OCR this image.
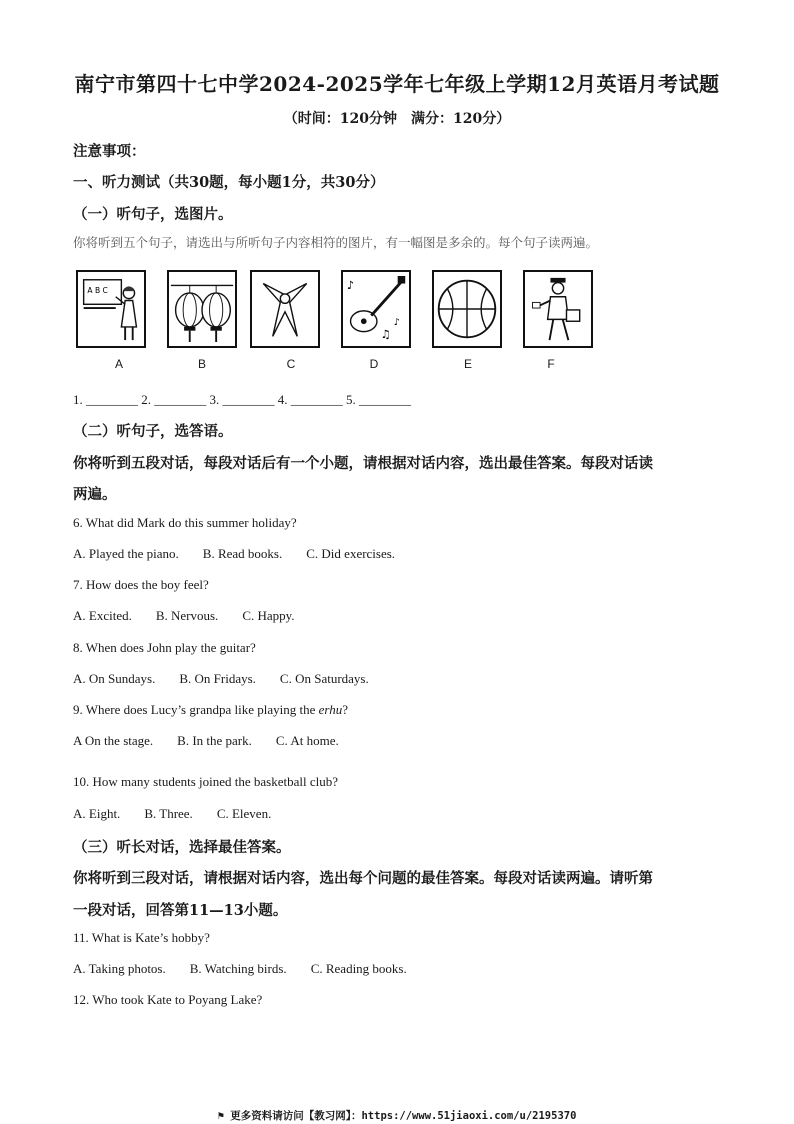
南宁市第四十七中学2024-2025学年七年级上学期12月英语月考试题
（时间：120分钟　满分：120分）
注意事项：
一、听力测试（共30题，每小题1分，共30分）
（一）听句子，选图片。
你将听到五个句子，请选出与所听句子内容相符的图片，有一幅图是多余的。每个句子读两遍。
A B C	♪
♫
♪
A	B	C	D	E	F
1. ________ 2. ________ 3. ________ 4. ________ 5. ________
（二）听句子，选答语。
你将听到五段对话，每段对话后有一个小题，请根据对话内容，选出最佳答案。每段对话读
两遍。
6. What did Mark do this summer holiday?
A. Played the piano. B. Read books. C. Did exercises.
7. How does the boy feel?
A. Excited. B. Nervous. C. Happy.
8. When does John play the guitar?
A. On Sundays. B. On Fridays. C. On Saturdays.
9. Where does Lucy’s grandpa like playing the erhu?
A On the stage. B. In the park. C. At home.
10. How many students joined the basketball club?
A. Eight. B. Three. C. Eleven.
（三）听长对话，选择最佳答案。
你将听到三段对话，请根据对话内容，选出每个问题的最佳答案。每段对话读两遍。请听第
一段对话，回答第11—13小题。
11. What is Kate’s hobby?
A. Taking photos. B. Watching birds. C. Reading books.
12. Who took Kate to Poyang Lake?
⚑ 更多资料请访问【教习网】：https://www.51jiaoxi.com/u/2195370
